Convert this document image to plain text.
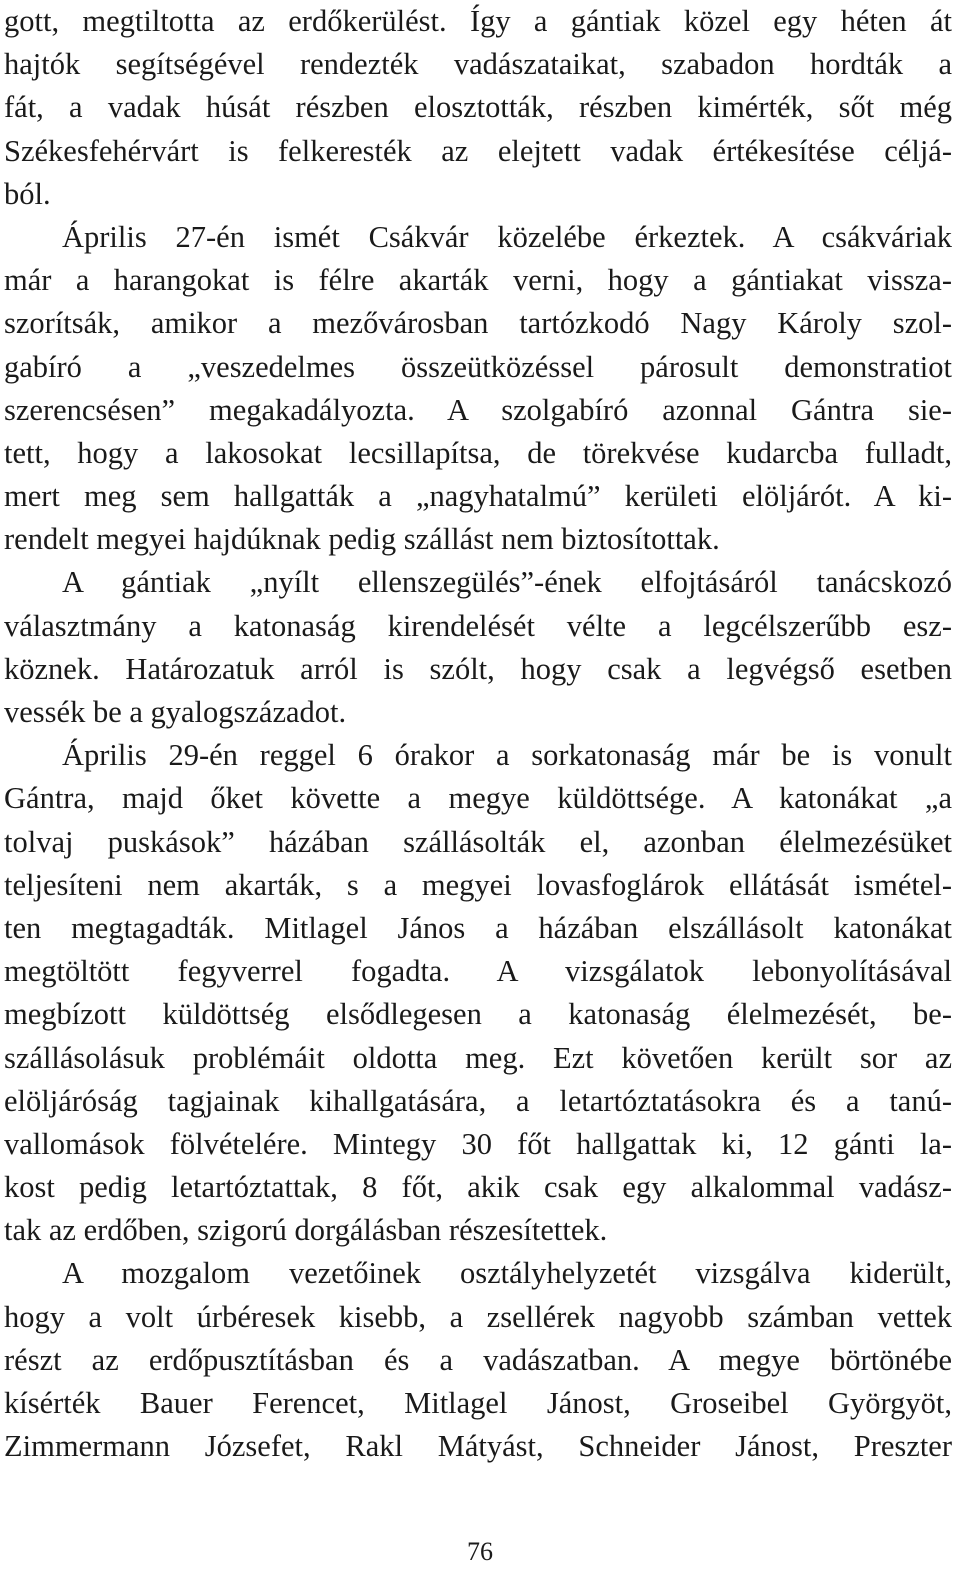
gott, megtiltotta az erdőkerülést. Így a gántiak közel egy héten át
hajtók segítségével rendezték vadászataikat, szabadon hordták a
fát, a vadak húsát részben elosztották, részben kimérték, sőt még
Székesfehérvárt is felkeresték az elejtett vadak értékesítése céljá-
ból.
Április 27-én ismét Csákvár közelébe érkeztek. A csákváriak
már a harangokat is félre akarták verni, hogy a gántiakat vissza-
szorítsák, amikor a mezővárosban tartózkodó Nagy Károly szol-
gabíró a „veszedelmes összeütközéssel párosult demonstratiot
szerencsésen” megakadályozta. A szolgabíró azonnal Gántra sie-
tett, hogy a lakosokat lecsillapítsa, de törekvése kudarcba fulladt,
mert meg sem hallgatták a „nagyhatalmú” kerületi elöljárót. A ki-
rendelt megyei hajdúknak pedig szállást nem biztosítottak.
A gántiak „nyílt ellenszegülés”-ének elfojtásáról tanácskozó
választmány a katonaság kirendelését vélte a legcélszerűbb esz-
köznek. Határozatuk arról is szólt, hogy csak a legvégső esetben
vessék be a gyalogszázadot.
Április 29-én reggel 6 órakor a sorkatonaság már be is vonult
Gántra, majd őket követte a megye küldöttsége. A katonákat „a
tolvaj puskások” házában szállásolták el, azonban élelmezésüket
teljesíteni nem akarták, s a megyei lovasfoglárok ellátását ismétel-
ten megtagadták. Mitlagel János a házában elszállásolt katonákat
megtöltött fegyverrel fogadta. A vizsgálatok lebonyolításával
megbízott küldöttség elsődlegesen a katonaság élelmezését, be-
szállásolásuk problémáit oldotta meg. Ezt követően került sor az
elöljáróság tagjainak kihallgatására, a letartóztatásokra és a tanú-
vallomások fölvételére. Mintegy 30 főt hallgattak ki, 12 gánti la-
kost pedig letartóztattak, 8 főt, akik csak egy alkalommal vadász-
tak az erdőben, szigorú dorgálásban részesítettek.
A mozgalom vezetőinek osztályhelyzetét vizsgálva kiderült,
hogy a volt úrbéresek kisebb, a zsellérek nagyobb számban vettek
részt az erdőpusztításban és a vadászatban. A megye börtönébe
kísérték Bauer Ferencet, Mitlagel Jánost, Groseibel Györgyöt,
Zimmermann Józsefet, Rakl Mátyást, Schneider Jánost, Preszter
76
